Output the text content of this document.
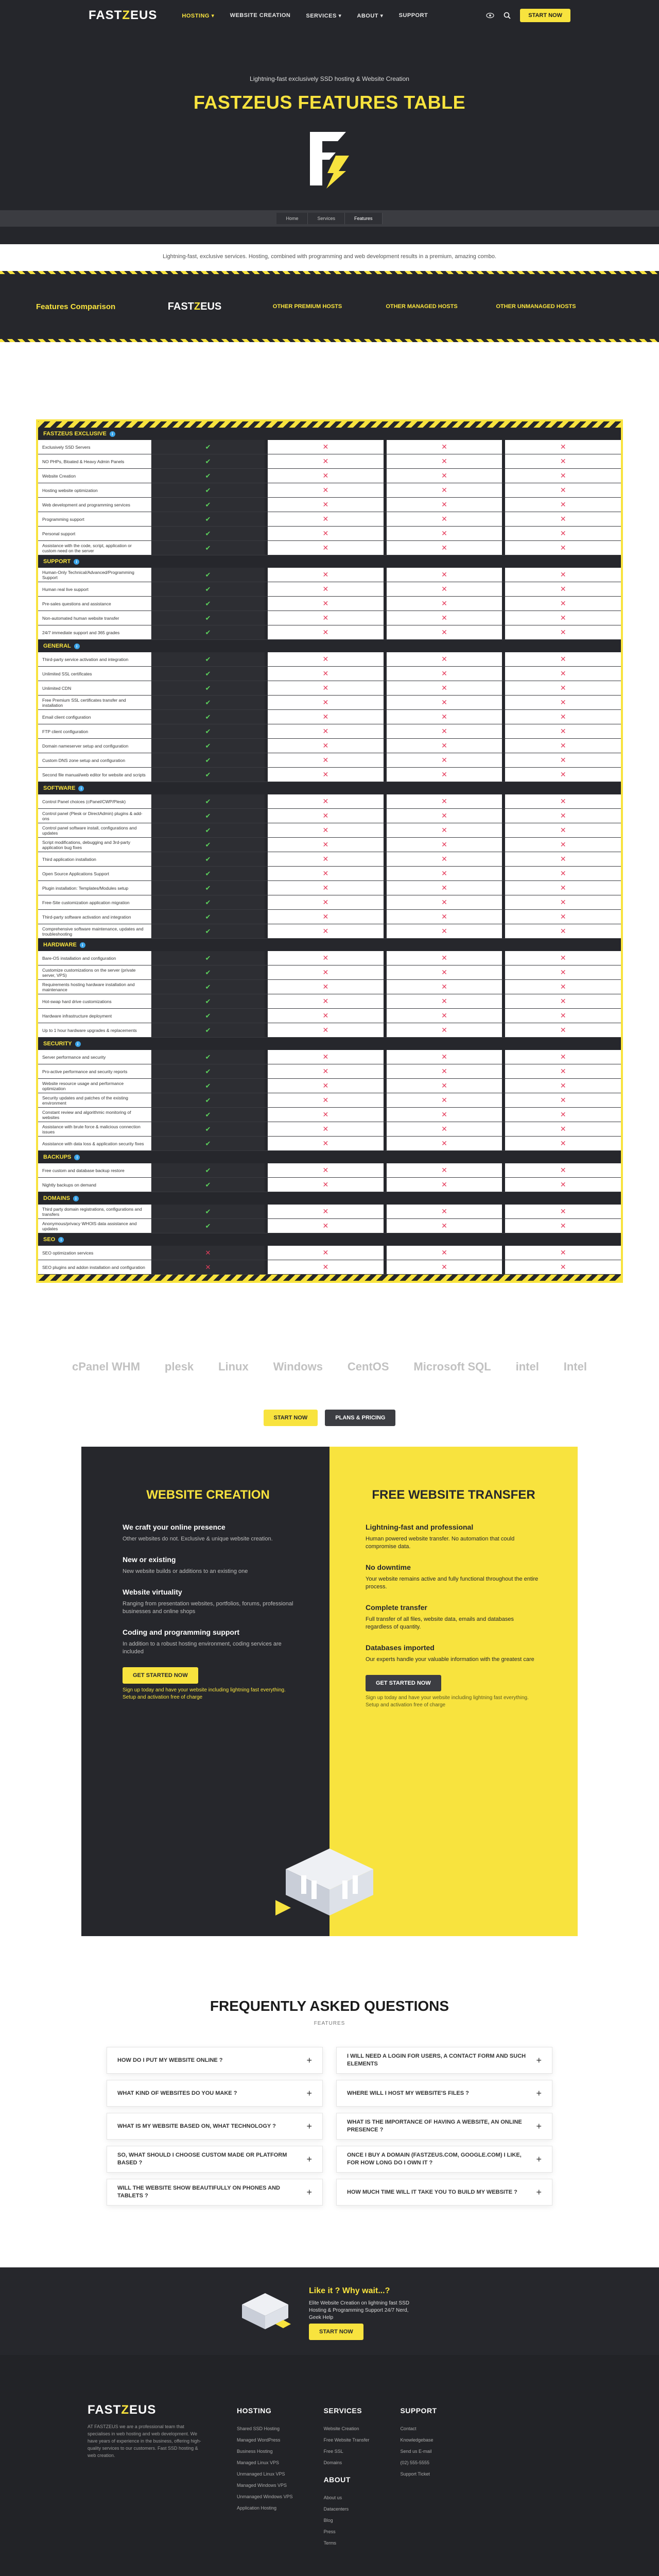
FAST Z EUS	HOSTING ▾	WEBSITE CREATION	SERVICES ▾	ABOUT ▾	SUPPORT	START NOW
Lightning-fast exclusively SSD hosting & Website Creation
FASTZEUS FEATURES TABLE
Home	Services	Features
Lightning-fast, exclusive services. Hosting, combined with programming and web development results in a premium, amazing combo.
Features Comparison	FASTZEUS	OTHER PREMIUM HOSTS	OTHER MANAGED HOSTS	OTHER UNMANAGED HOSTS
FASTZEUS EXCLUSIVE	i
Exclusively SSD Servers	✔	✕	✕	✕
NO PHPs, Bloated & Heavy Admin Panels	✔	✕	✕	✕
Website Creation	✔	✕	✕	✕
Hosting website optimization	✔	✕	✕	✕
Web development and programming services	✔	✕	✕	✕
Programming support	✔	✕	✕	✕
Personal support	✔	✕	✕	✕
Assistance with the code, script, application or custom need on the server	✔	✕	✕	✕
SUPPORT	i
Human-Only Technical/Advanced/Programming Support	✔	✕	✕	✕
Human real live support	✔	✕	✕	✕
Pre-sales questions and assistance	✔	✕	✕	✕
Non-automated human website transfer	✔	✕	✕	✕
24/7 immediate support and 365 grades	✔	✕	✕	✕
GENERAL	i
Third-party service activation and integration	✔	✕	✕	✕
Unlimited SSL certificates	✔	✕	✕	✕
Unlimited CDN	✔	✕	✕	✕
Free Premium SSL certificates transfer and installation	✔	✕	✕	✕
Email client configuration	✔	✕	✕	✕
FTP client configuration	✔	✕	✕	✕
Domain nameserver setup and configuration	✔	✕	✕	✕
Custom DNS zone setup and configuration	✔	✕	✕	✕
Second file manual/web editor for website and scripts	✔	✕	✕	✕
SOFTWARE	i
Control Panel choices (cPanel/CWP/Plesk)	✔	✕	✕	✕
Control panel (Plesk or DirectAdmin) plugins & add-ons	✔	✕	✕	✕
Control panel software install, configurations and updates	✔	✕	✕	✕
Script modifications, debugging and 3rd-party application bug fixes	✔	✕	✕	✕
Third application installation	✔	✕	✕	✕
Open Source Applications Support	✔	✕	✕	✕
Plugin installation: Templates/Modules setup	✔	✕	✕	✕
Free-Site customization application migration	✔	✕	✕	✕
Third-party software activation and integration	✔	✕	✕	✕
Comprehensive software maintenance, updates and troubleshooting	✔	✕	✕	✕
HARDWARE	i
Bare-OS installation and configuration	✔	✕	✕	✕
Customize customizations on the server (private server, VPS)	✔	✕	✕	✕
Requirements hosting hardware installation and maintenance	✔	✕	✕	✕
Hot-swap hard drive customizations	✔	✕	✕	✕
Hardware infrastructure deployment	✔	✕	✕	✕
Up to 1 hour hardware upgrades & replacements	✔	✕	✕	✕
SECURITY	i
Server performance and security	✔	✕	✕	✕
Pro-active performance and security reports	✔	✕	✕	✕
Website resource usage and performance optimization	✔	✕	✕	✕
Security updates and patches of the existing environment	✔	✕	✕	✕
Constant review and algorithmic monitoring of websites	✔	✕	✕	✕
Assistance with brute force & malicious connection issues	✔	✕	✕	✕
Assistance with data loss & application security fixes	✔	✕	✕	✕
BACKUPS	i
Free custom and database backup restore	✔	✕	✕	✕
Nightly backups on demand	✔	✕	✕	✕
DOMAINS	i
Third party domain registrations, configurations and transfers	✔	✕	✕	✕
Anonymous/privacy WHOIS data assistance and updates	✔	✕	✕	✕
SEO	i
SEO optimization services	✕	✕	✕	✕
SEO plugins and addon installation and configuration	✕	✕	✕	✕
cPanel WHM plesk Linux Windows CentOS Microsoft SQL intel Intel
START NOW	PLANS & PRICING
WEBSITE CREATION
We craft your online presence

Other websites do not. Exclusive & unique website creation.

New or existing

New website builds or additions to an existing one

Website virtuality

Ranging from presentation websites, portfolios, forums, professional businesses and online shops

Coding and programming support

In addition to a robust hosting environment, coding services are included

GET STARTED NOW

Sign up today and have your website including lightning fast everything. Setup and activation free of charge

FREE WEBSITE TRANSFER
Lightning-fast and professional

Human powered website transfer. No automation that could compromise data.

No downtime

Your website remains active and fully functional throughout the entire process.

Complete transfer

Full transfer of all files, website data, emails and databases regardless of quantity.

Databases imported

Our experts handle your valuable information with the greatest care

GET STARTED NOW

Sign up today and have your website including lightning fast everything. Setup and activation free of charge

FREQUENTLY ASKED QUESTIONS
FEATURES
HOW DO I PUT MY WEBSITE ONLINE ?	+	I WILL NEED A LOGIN FOR USERS, A CONTACT FORM AND SUCH ELEMENTS	+
WHAT KIND OF WEBSITES DO YOU MAKE ?	+	WHERE WILL I HOST MY WEBSITE'S FILES ?	+
WHAT IS MY WEBSITE BASED ON, WHAT TECHNOLOGY ?	+	WHAT IS THE IMPORTANCE OF HAVING A WEBSITE, AN ONLINE PRESENCE ?	+
SO, WHAT SHOULD I CHOOSE CUSTOM MADE OR PLATFORM BASED ?	+	ONCE I BUY A DOMAIN (FASTZEUS.COM, GOOGLE.COM) I LIKE, FOR HOW LONG DO I OWN IT ?	+
WILL THE WEBSITE SHOW BEAUTIFULLY ON PHONES AND TABLETS ?	+	HOW MUCH TIME WILL IT TAKE YOU TO BUILD MY WEBSITE ? +
Like it ? Why wait...?

Elite Website Creation on lightning fast SSD Hosting & Programming Support 24/7 Nerd, Geek Help

START NOW
FAST Z EUS

AT FASTZEUS we are a professional team that specialises in web hosting and web development. We have years of experience in the business, offering high-quality services to our customers. Fast SSD hosting & web creation.

HOSTING

Shared SSD Hosting

Managed WordPress

Business Hosting

Managed Linux VPS

Unmanaged Linux VPS

Managed Windows VPS

Unmanaged Windows VPS

Application Hosting

SERVICES

Website Creation

Free Website Transfer

Free SSL

Domains

ABOUT

About us

Datacenters

Blog

Press

Terms

SUPPORT

Contact

Knowledgebase

Send us E-mail

(02) 555-5555

Support Ticket
